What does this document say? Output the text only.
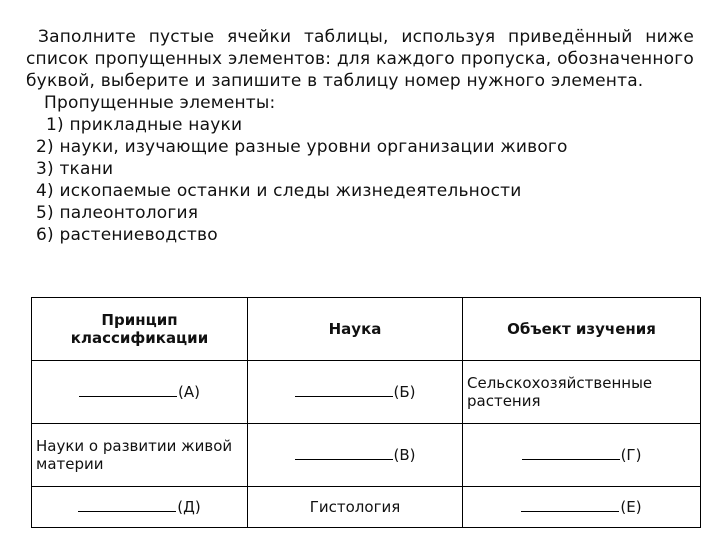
Заполните пустые ячейки таблицы, используя приведённый ниже список пропущенных элементов: для каждого пропуска, обозначенного буквой, выберите и запишите в таблицу номер нужного элемента.

Пропущенные элементы:

1) прикладные науки
2) науки, изучающие разные уровни организации живого
3) ткани
4) ископаемые останки и следы жизнедеятельности
5) палеонтология
6) растениеводство
Принцип классификации	Наука	Объект изучения
(А)	(Б)	Сельскохозяйственные растения
Науки о развитии живой материи	(В)	(Г)
(Д)	Гистология	(Е)
